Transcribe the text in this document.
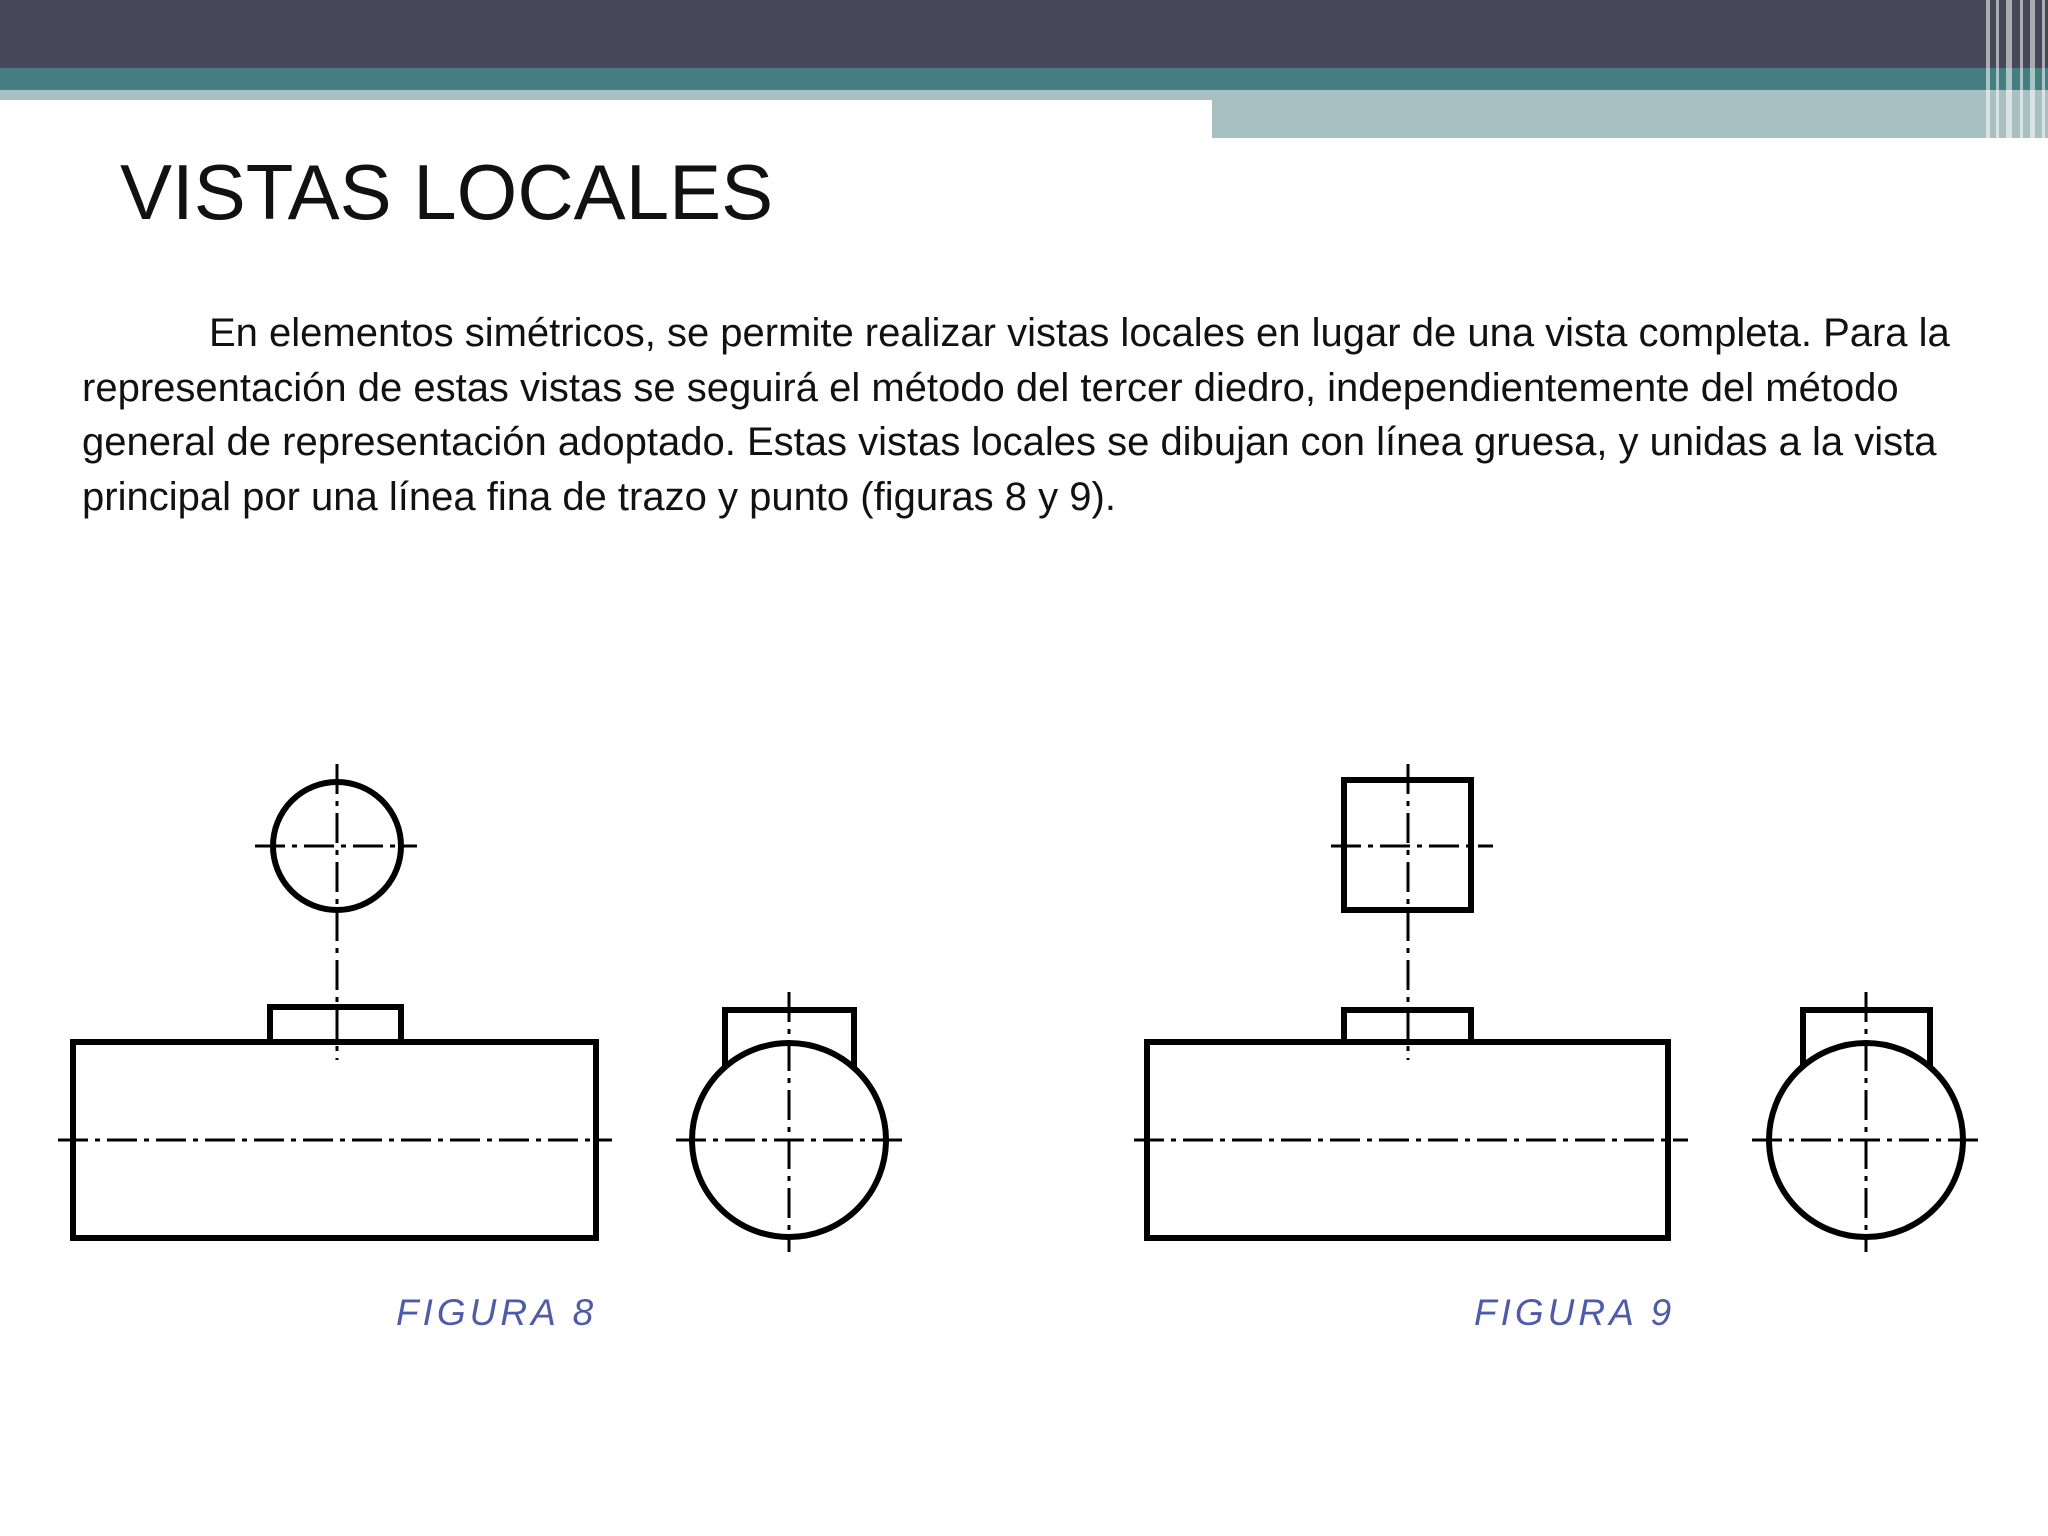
VISTAS LOCALES

En elementos simétricos, se permite realizar vistas locales en lugar de una vista completa. Para la representación de estas vistas se seguirá el método del tercer diedro, independientemente del método general de representación adoptado. Estas vistas locales se dibujan con línea gruesa, y unidas a la vista principal por una línea fina de trazo y punto (figuras 8 y 9).

FIGURA 8	FIGURA 9
